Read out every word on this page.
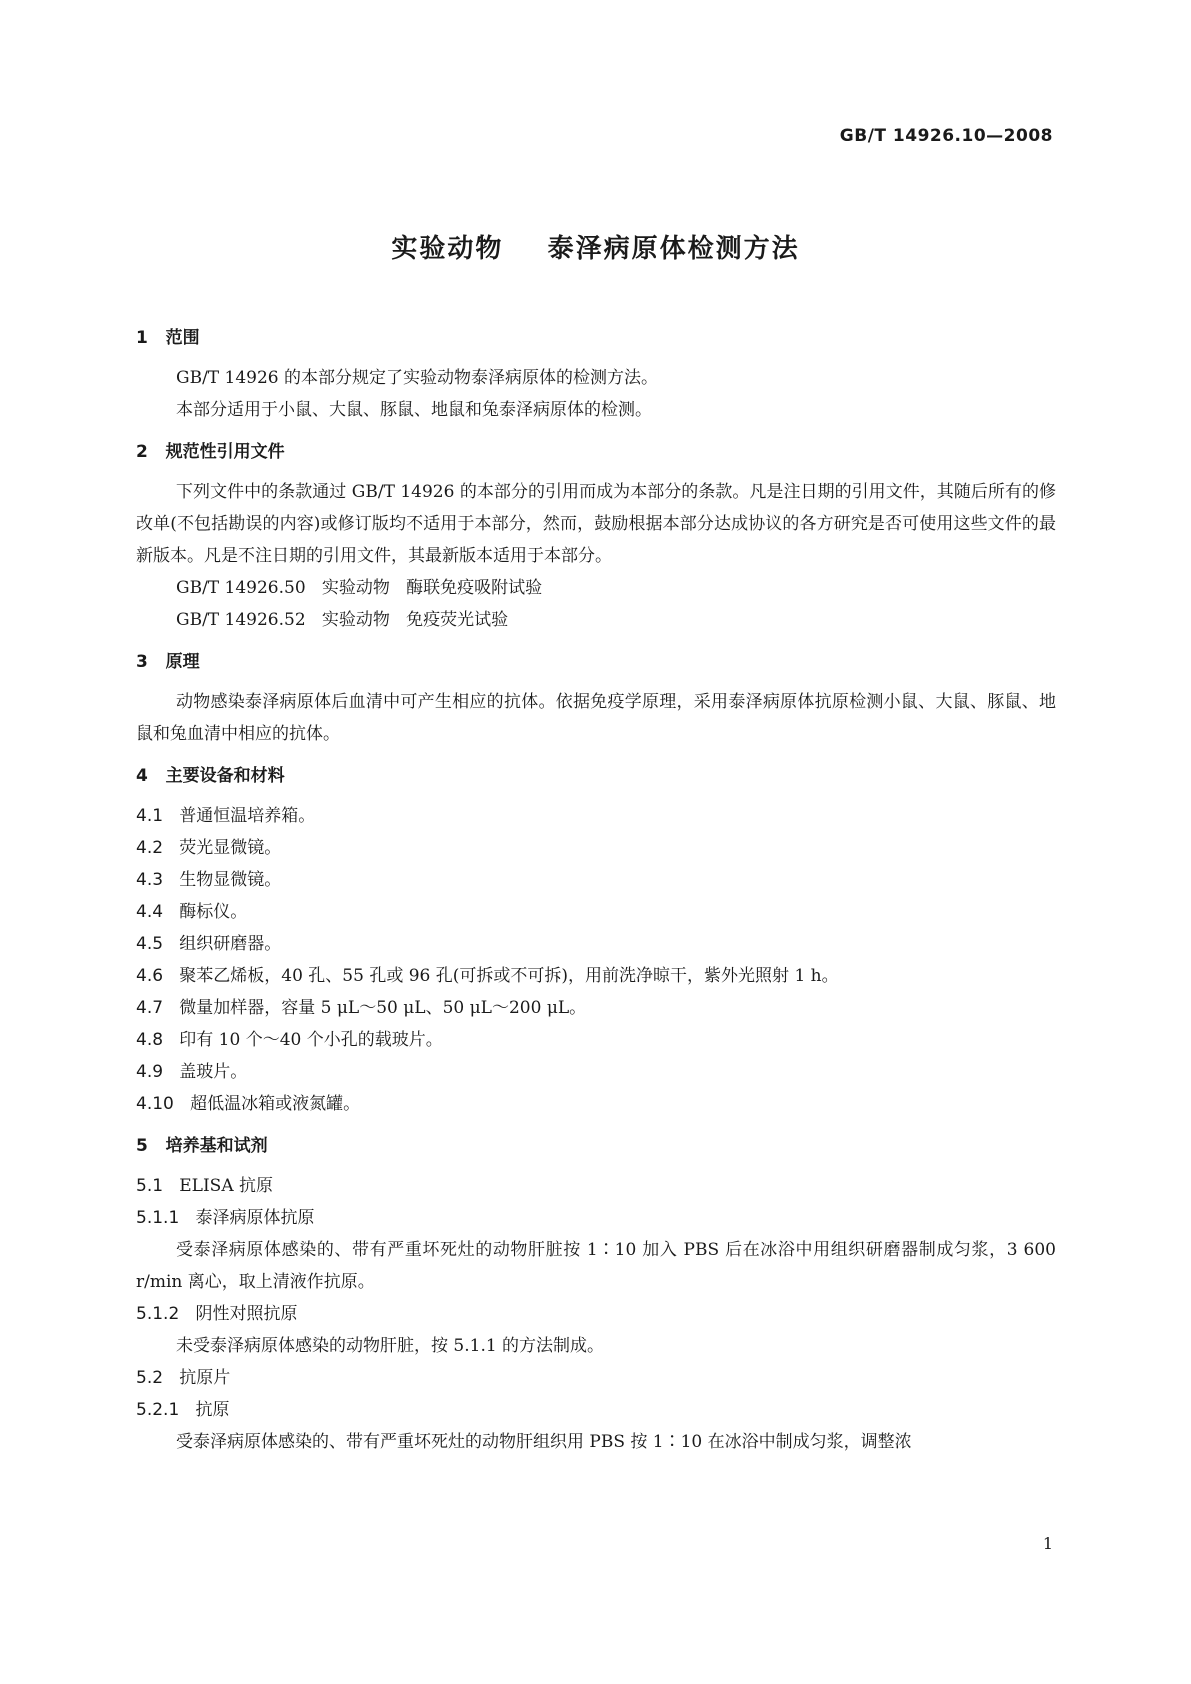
GB/T 14926.10—2008
实验动物    泰泽病原体检测方法
1   范围
GB/T 14926 的本部分规定了实验动物泰泽病原体的检测方法。
本部分适用于小鼠、大鼠、豚鼠、地鼠和兔泰泽病原体的检测。
2   规范性引用文件
下列文件中的条款通过 GB/T 14926 的本部分的引用而成为本部分的条款。凡是注日期的引用文件，其随后所有的修改单(不包括勘误的内容)或修订版均不适用于本部分，然而，鼓励根据本部分达成协议的各方研究是否可使用这些文件的最新版本。凡是不注日期的引用文件，其最新版本适用于本部分。
GB/T 14926.50   实验动物   酶联免疫吸附试验
GB/T 14926.52   实验动物   免疫荧光试验
3   原理
动物感染泰泽病原体后血清中可产生相应的抗体。依据免疫学原理，采用泰泽病原体抗原检测小鼠、大鼠、豚鼠、地鼠和兔血清中相应的抗体。
4   主要设备和材料
4.1 普通恒温培养箱。
4.2 荧光显微镜。
4.3 生物显微镜。
4.4 酶标仪。
4.5 组织研磨器。
4.6 聚苯乙烯板，40 孔、55 孔或 96 孔(可拆或不可拆)，用前洗净晾干，紫外光照射 1 h。
4.7 微量加样器，容量 5 μL～50 μL、50 μL～200 μL。
4.8 印有 10 个～40 个小孔的载玻片。
4.9 盖玻片。
4.10 超低温冰箱或液氮罐。
5   培养基和试剂
5.1 ELISA 抗原
5.1.1 泰泽病原体抗原
受泰泽病原体感染的、带有严重坏死灶的动物肝脏按 1∶10 加入 PBS 后在冰浴中用组织研磨器制成匀浆，3 600 r/min 离心，取上清液作抗原。
5.1.2 阴性对照抗原
未受泰泽病原体感染的动物肝脏，按 5.1.1 的方法制成。
5.2 抗原片
5.2.1 抗原
受泰泽病原体感染的、带有严重坏死灶的动物肝组织用 PBS 按 1∶10 在冰浴中制成匀浆，调整浓
1
